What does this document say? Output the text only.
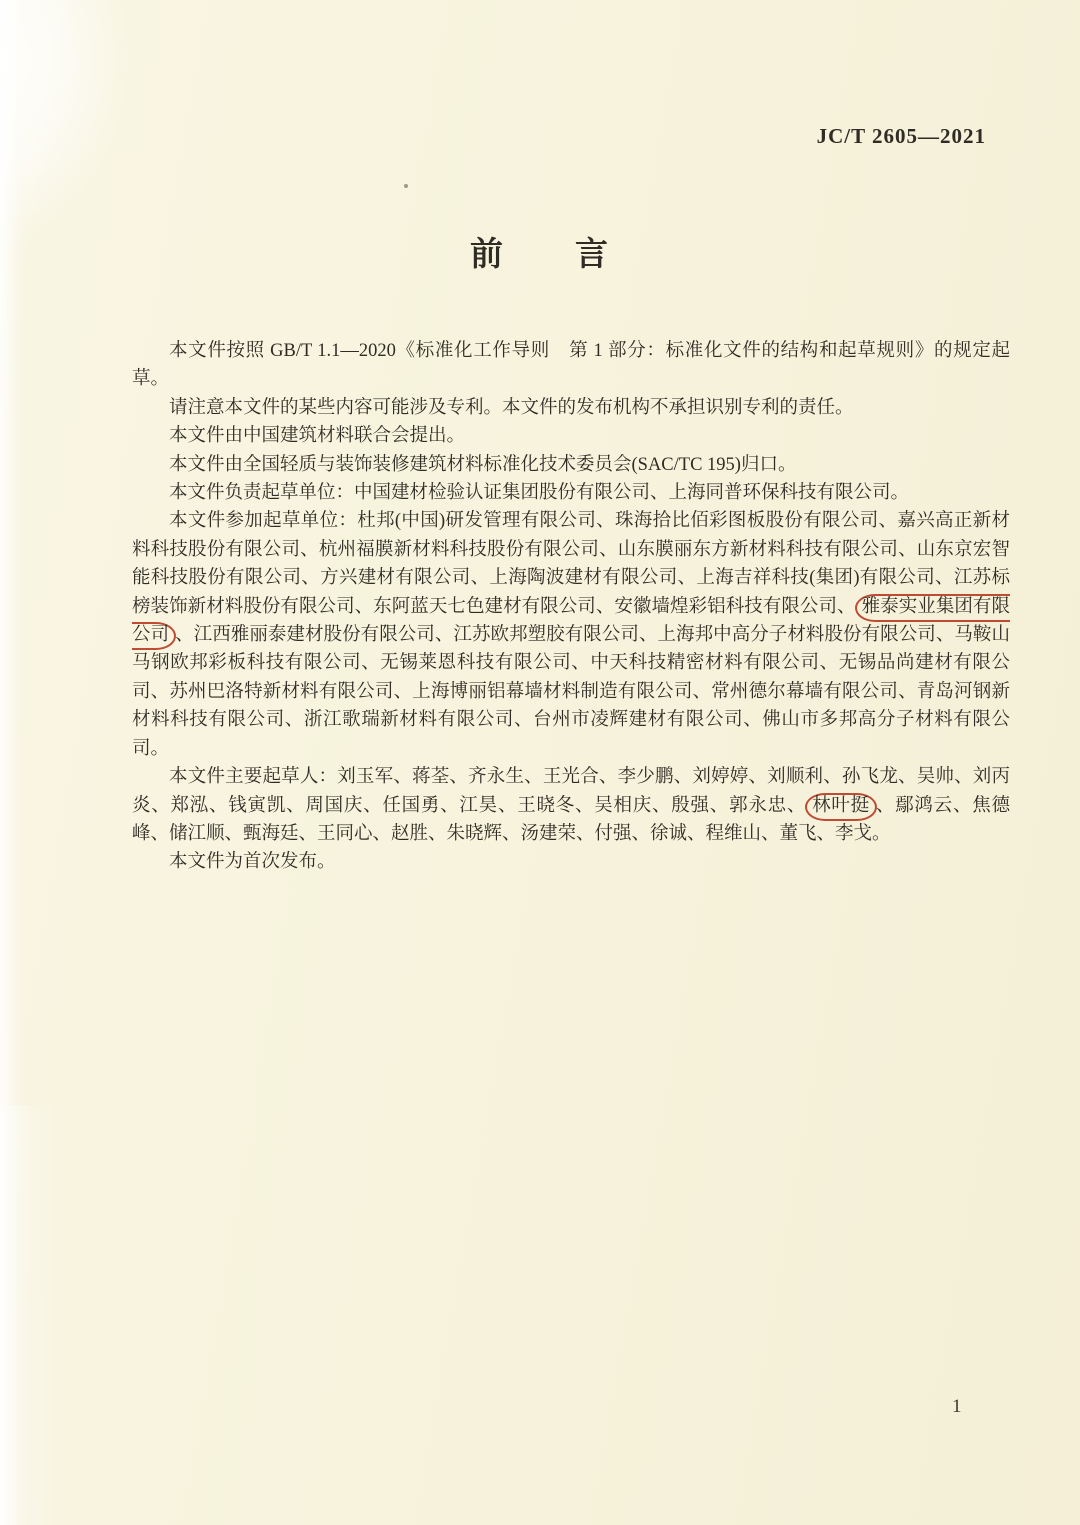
JC/T 2605—2021
前　　言

本文件按照 GB/T 1.1—2020《标准化工作导则　第 1 部分：标准化文件的结构和起草规则》的规定起草。

请注意本文件的某些内容可能涉及专利。本文件的发布机构不承担识别专利的责任。

本文件由中国建筑材料联合会提出。

本文件由全国轻质与装饰装修建筑材料标准化技术委员会(SAC/TC 195)归口。

本文件负责起草单位：中国建材检验认证集团股份有限公司、上海同普环保科技有限公司。

本文件参加起草单位：杜邦(中国)研发管理有限公司、珠海拾比佰彩图板股份有限公司、嘉兴高正新材料科技股份有限公司、杭州福膜新材料科技股份有限公司、山东膜丽东方新材料科技有限公司、山东京宏智能科技股份有限公司、方兴建材有限公司、上海陶波建材有限公司、上海吉祥科技(集团)有限公司、江苏标榜装饰新材料股份有限公司、东阿蓝天七色建材有限公司、安徽墙煌彩铝科技有限公司、 雅泰实业集团有限公司 、江西雅丽泰建材股份有限公司、江苏欧邦塑胶有限公司、上海邦中高分子材料股份有限公司、马鞍山马钢欧邦彩板科技有限公司、无锡莱恩科技有限公司、中天科技精密材料有限公司、无锡品尚建材有限公司、苏州巴洛特新材料有限公司、上海博丽铝幕墙材料制造有限公司、常州德尔幕墙有限公司、青岛河钢新材料科技有限公司、浙江歌瑞新材料有限公司、台州市凌辉建材有限公司、佛山市多邦高分子材料有限公司。

本文件主要起草人：刘玉军、蒋荃、齐永生、王光合、李少鹏、刘婷婷、刘顺利、孙飞龙、吴帅、刘丙炎、郑泓、钱寅凯、周国庆、任国勇、江昊、王晓冬、吴相庆、殷强、郭永忠、 林叶挺 、鄢鸿云、焦德峰、储江顺、甄海廷、王同心、赵胜、朱晓辉、汤建荣、付强、徐诚、程维山、董飞、李戈。

本文件为首次发布。

1
